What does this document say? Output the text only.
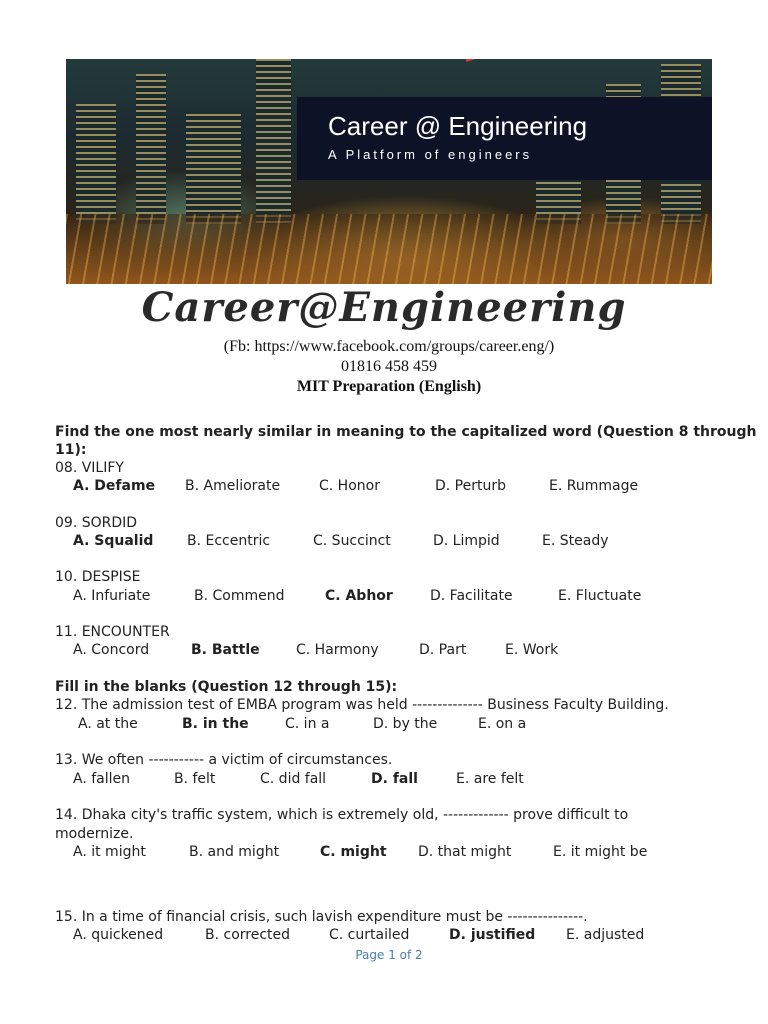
Career @ Engineering
A Platform of engineers
Career@Engineering
(Fb: https://www.facebook.com/groups/career.eng/)
01816 458 459
MIT Preparation (English)
Find the one most nearly similar in meaning to the capitalized word (Question 8 through
11):
08. VILIFY
A. Defame B. Ameliorate	C. Honor	D. Perturb	E. Rummage
09. SORDID
A. Squalid B. Eccentric	C. Succinct	D. Limpid	E. Steady
10. DESPISE
A. Infuriate	B. Commend	C. Abhor	D. Facilitate	E. Fluctuate
11. ENCOUNTER
A. Concord	B. Battle	C. Harmony	D. Part	E. Work
Fill in the blanks (Question 12 through 15):
12. The admission test of EMBA program was held -------------- Business Faculty Building.
A. at the	B. in the	C. in a	D. by the	E. on a
13. We often ----------- a victim of circumstances.
A. fallen	B. felt	C. did fall	D. fall	E. are felt
14. Dhaka city's traffic system, which is extremely old, ------------- prove difficult to
modernize.
A. it might	B. and might	C. might D. that might	E. it might be
15. In a time of financial crisis, such lavish expenditure must be ---------------.
A. quickened	B. corrected	C. curtailed	D. justified E. adjusted
Page 1 of 2
